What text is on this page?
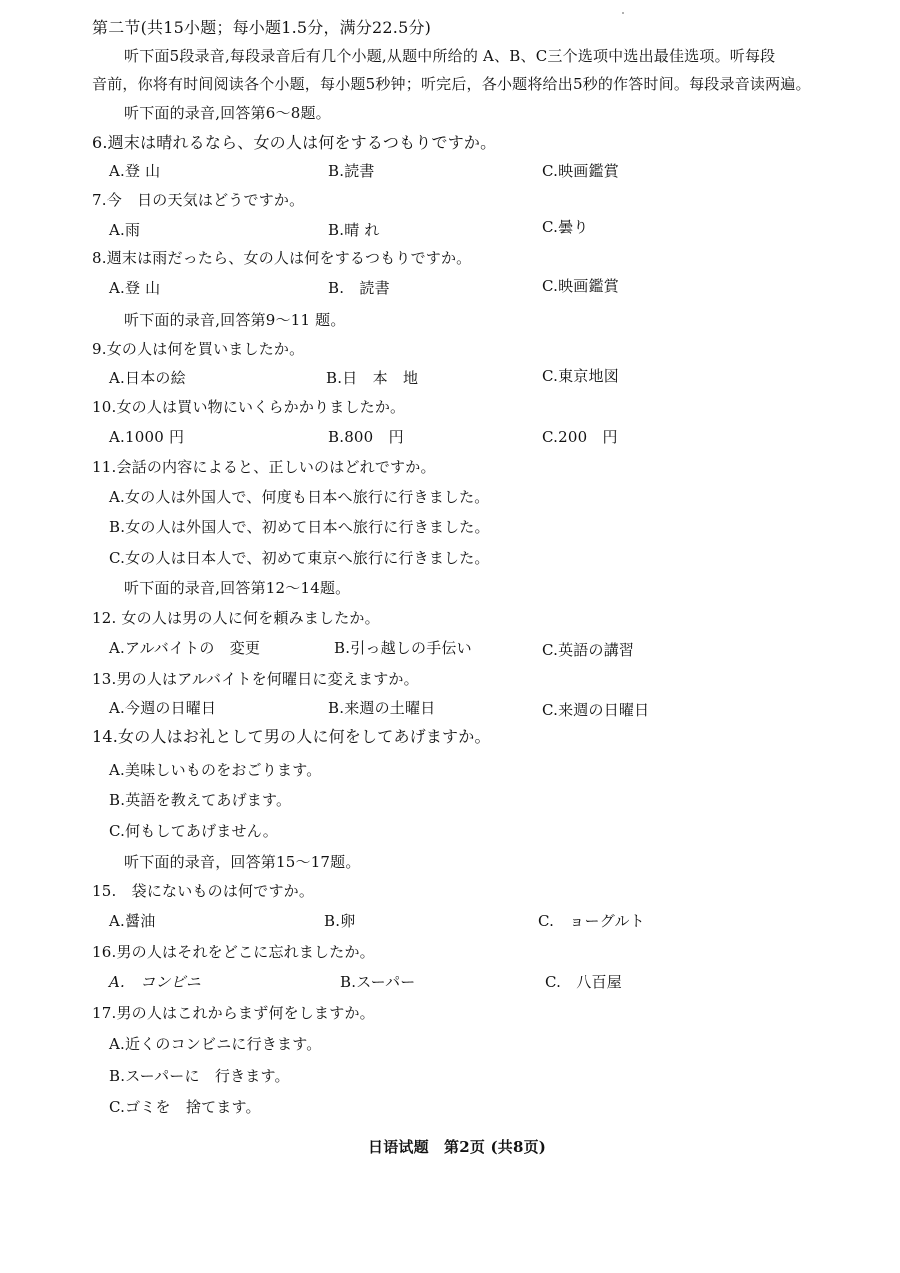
第二节(共15小题；每小题1.5分，满分22.5分)
听下面5段录音,每段录音后有几个小题,从题中所给的 A、B、C三个选项中选出最佳选项。听每段
音前，你将有时间阅读各个小题，每小题5秒钟；听完后，各小题将给出5秒的作答时间。每段录音读两遍。
听下面的录音,回答第6～8题。
6.週末は晴れるなら、女の人は何をするつもりですか。
A.登 山	B.読書	C.映画鑑賞
7.今　日の天気はどうですか。
A.雨	B.晴 れ	C.曇り
8.週末は雨だったら、女の人は何をするつもりですか。
A.登 山	B.　読書	C.映画鑑賞
听下面的录音,回答第9～11 题。
9.女の人は何を買いましたか。
A.日本の絵	B.日　本　地	C.東京地図
10.女の人は買い物にいくらかかりましたか。
A.1000 円	B.800　円	C.200　円
11.会話の内容によると、正しいのはどれですか。
A.女の人は外国人で、何度も日本へ旅行に行きました。
B.女の人は外国人で、初めて日本へ旅行に行きました。
C.女の人は日本人で、初めて東京へ旅行に行きました。
听下面的录音,回答第12～14题。
12. 女の人は男の人に何を頼みましたか。
A.アルバイトの　変更	B.引っ越しの手伝い	C.英語の講習
13.男の人はアルバイトを何曜日に変えますか。
A.今週の日曜日	B.来週の土曜日	C.来週の日曜日
14.女の人はお礼として男の人に何をしてあげますか。
A.美味しいものをおごります。
B.英語を教えてあげます。
C.何もしてあげません。
听下面的录音，回答第15～17题。
15.　袋にないものは何ですか。
A.醤油	B.卵	C.　ョーグルト
16.男の人はそれをどこに忘れましたか。
A.　コンビニ	B.スーパー	C.　八百屋
17.男の人はこれからまず何をしますか。
A.近くのコンビニに行きます。
B.スーパーに　行きます。
C.ゴミを　捨てます。
日语试题　第2页 (共8页)
